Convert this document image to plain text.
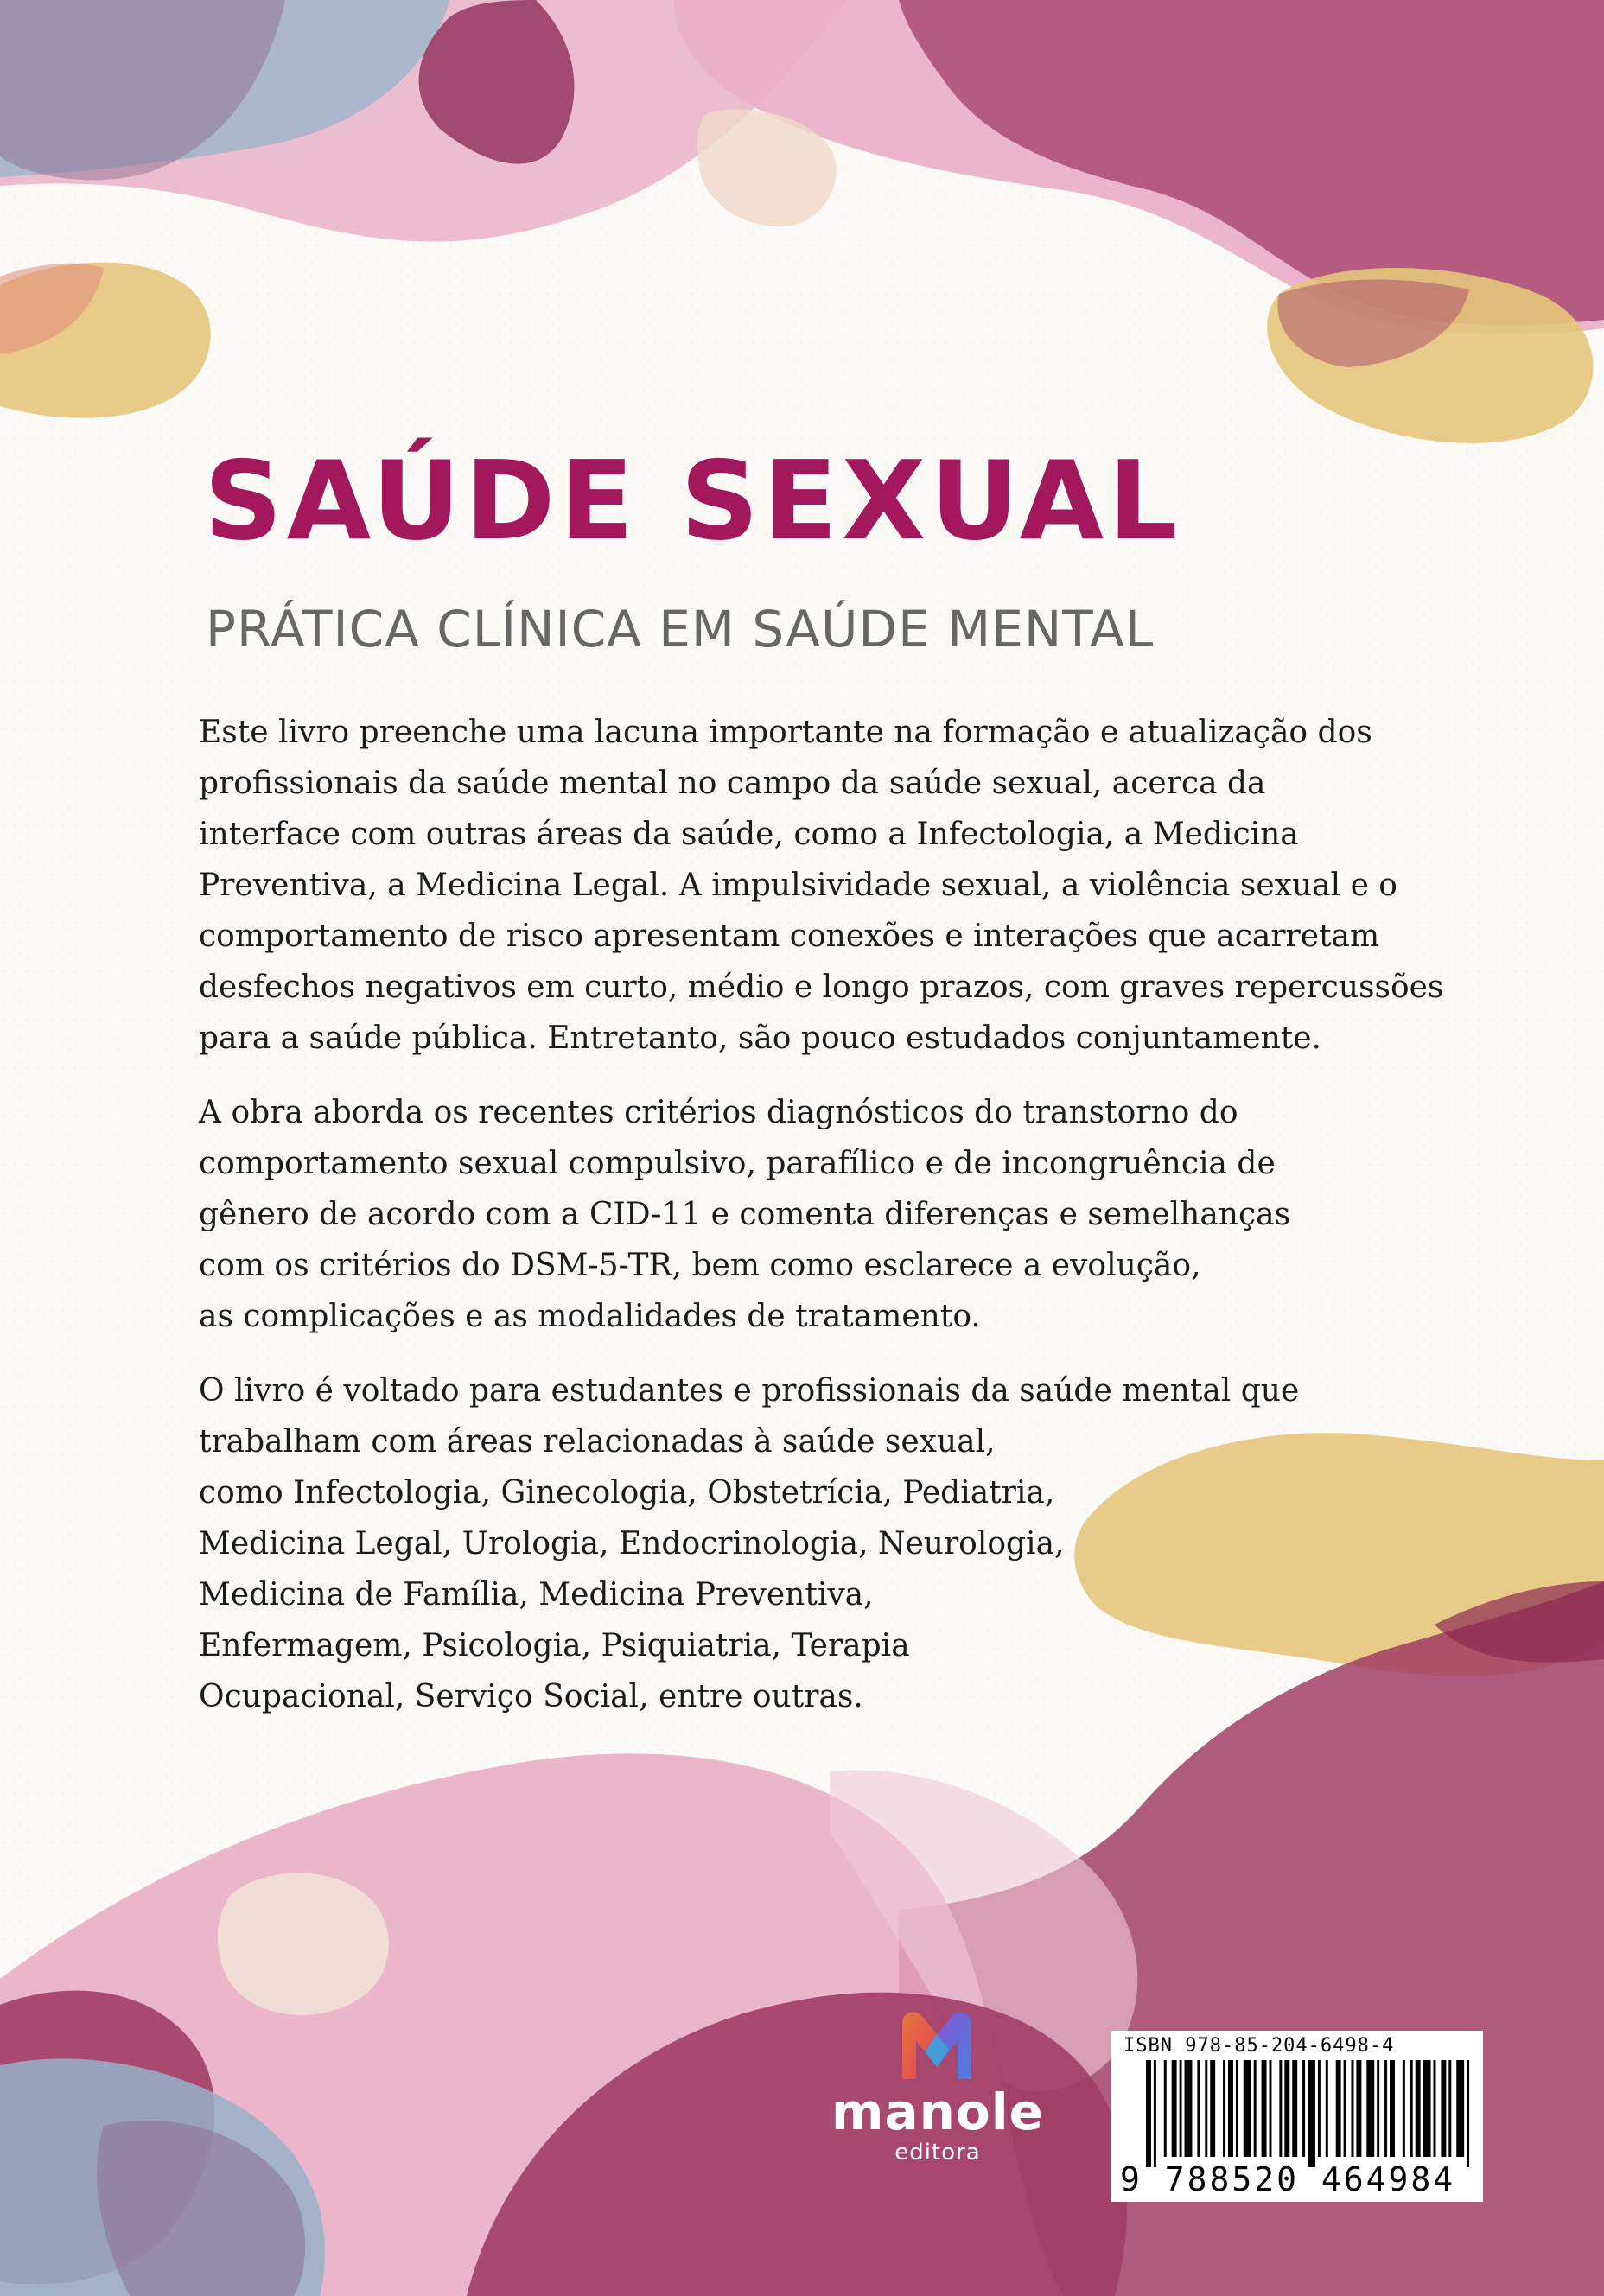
SAÚDE SEXUAL
PRÁTICA CLÍNICA EM SAÚDE MENTAL

Este livro preenche uma lacuna importante na formação e atualização dos
profissionais da saúde mental no campo da saúde sexual, acerca da
interface com outras áreas da saúde, como a Infectologia, a Medicina
Preventiva, a Medicina Legal. A impulsividade sexual, a violência sexual e o
comportamento de risco apresentam conexões e interações que acarretam
desfechos negativos em curto, médio e longo prazos, com graves repercussões
para a saúde pública. Entretanto, são pouco estudados conjuntamente.

A obra aborda os recentes critérios diagnósticos do transtorno do
comportamento sexual compulsivo, parafílico e de incongruência de
gênero de acordo com a CID-11 e comenta diferenças e semelhanças
com os critérios do DSM-5-TR, bem como esclarece a evolução,
as complicações e as modalidades de tratamento.

O livro é voltado para estudantes e profissionais da saúde mental que
trabalham com áreas relacionadas à saúde sexual,
como Infectologia, Ginecologia, Obstetrícia, Pediatria,
Medicina Legal, Urologia, Endocrinologia, Neurologia,
Medicina de Família, Medicina Preventiva,
Enfermagem, Psicologia, Psiquiatria, Terapia
Ocupacional, Serviço Social, entre outras.

manole
editora
ISBN 978-85-204-6498-4
9 788520 464984
